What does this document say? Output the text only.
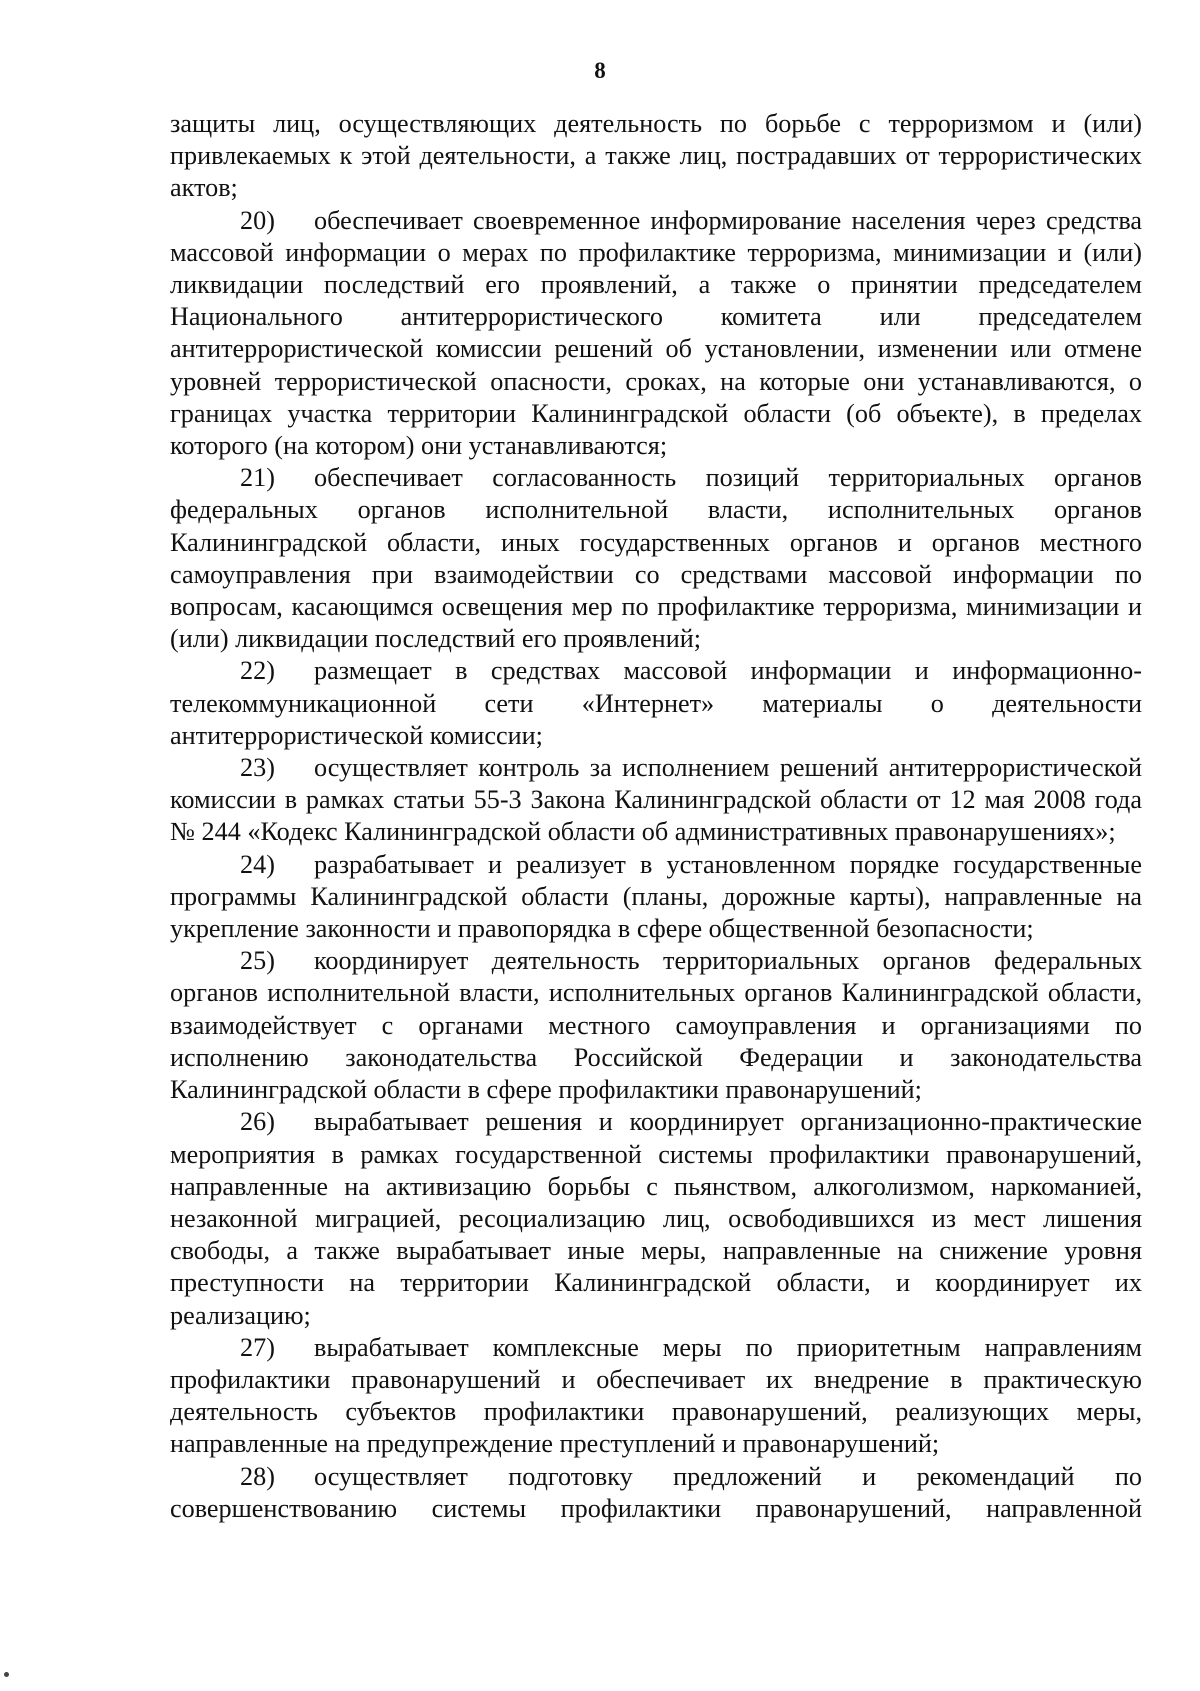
8

защиты лиц, осуществляющих деятельность по борьбе с терроризмом и (или) привлекаемых к этой деятельности, а также лиц, пострадавших от террористических актов;

20) обеспечивает своевременное информирование населения через средства массовой информации о мерах по профилактике терроризма, минимизации и (или) ликвидации последствий его проявлений, а также о принятии председателем Национального антитеррористического комитета или председателем антитеррористической комиссии решений об установлении, изменении или отмене уровней террористической опасности, сроках, на которые они устанавливаются, о границах участка территории Калининградской области (об объекте), в пределах которого (на котором) они устанавливаются;

21) обеспечивает согласованность позиций территориальных органов федеральных органов исполнительной власти, исполнительных органов Калининградской области, иных государственных органов и органов местного самоуправления при взаимодействии со средствами массовой информации по вопросам, касающимся освещения мер по профилактике терроризма, минимизации и (или) ликвидации последствий его проявлений;

22) размещает в средствах массовой информации и информационно-телекоммуникационной сети «Интернет» материалы о деятельности антитеррористической комиссии;

23) осуществляет контроль за исполнением решений антитеррористической комиссии в рамках статьи 55-3 Закона Калининградской области от 12 мая 2008 года № 244 «Кодекс Калининградской области об административных правонарушениях»;

24) разрабатывает и реализует в установленном порядке государственные программы Калининградской области (планы, дорожные карты), направленные на укрепление законности и правопорядка в сфере общественной безопасности;

25) координирует деятельность территориальных органов федеральных органов исполнительной власти, исполнительных органов Калининградской области, взаимодействует с органами местного самоуправления и организациями по исполнению законодательства Российской Федерации и законодательства Калининградской области в сфере профилактики правонарушений;

26) вырабатывает решения и координирует организационно-практические мероприятия в рамках государственной системы профилактики правонарушений, направленные на активизацию борьбы с пьянством, алкоголизмом, наркоманией, незаконной миграцией, ресоциализацию лиц, освободившихся из мест лишения свободы, а также вырабатывает иные меры, направленные на снижение уровня преступности на территории Калининградской области, и координирует их реализацию;

27) вырабатывает комплексные меры по приоритетным направлениям профилактики правонарушений и обеспечивает их внедрение в практическую деятельность субъектов профилактики правонарушений, реализующих меры, направленные на предупреждение преступлений и правонарушений;

28) осуществляет подготовку предложений и рекомендаций по совершенствованию системы профилактики правонарушений, направленной
